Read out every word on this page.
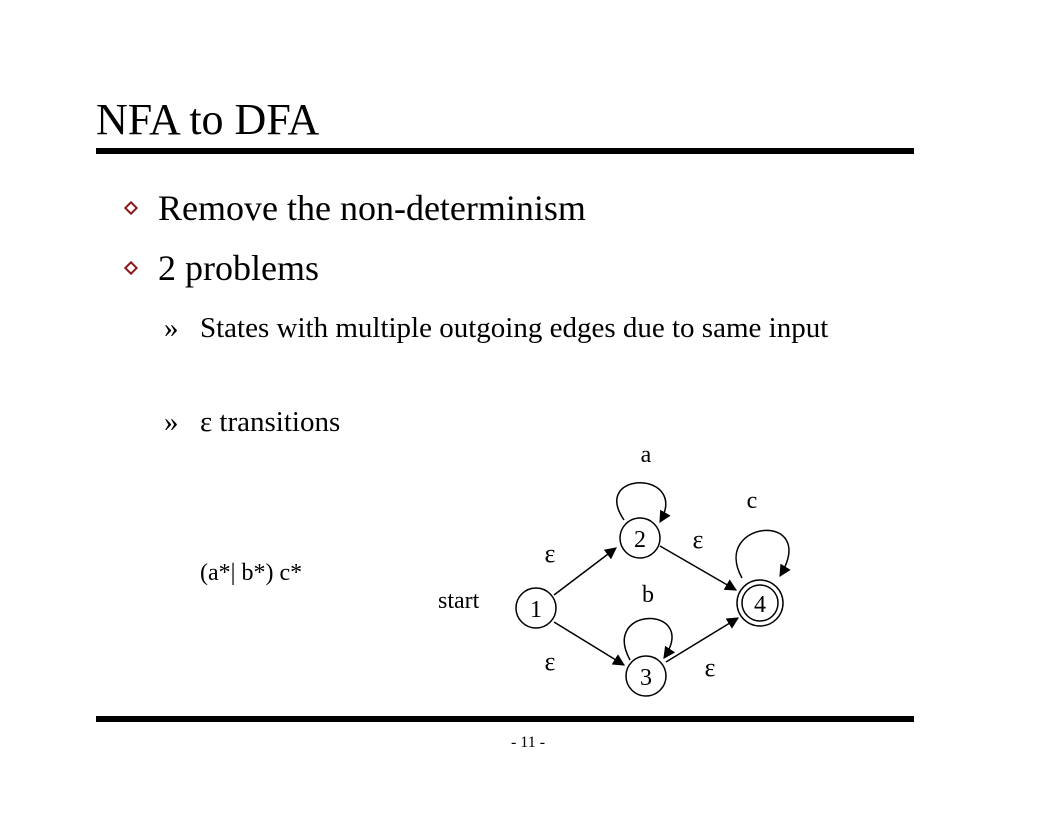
NFA to DFA
Remove the non-determinism
2 problems
» States with multiple outgoing edges due to same input
» ε transitions
(a*| b*) c*
1
2
3
4
start
ε
ε
ε
ε
a
b
c
- 11 -
